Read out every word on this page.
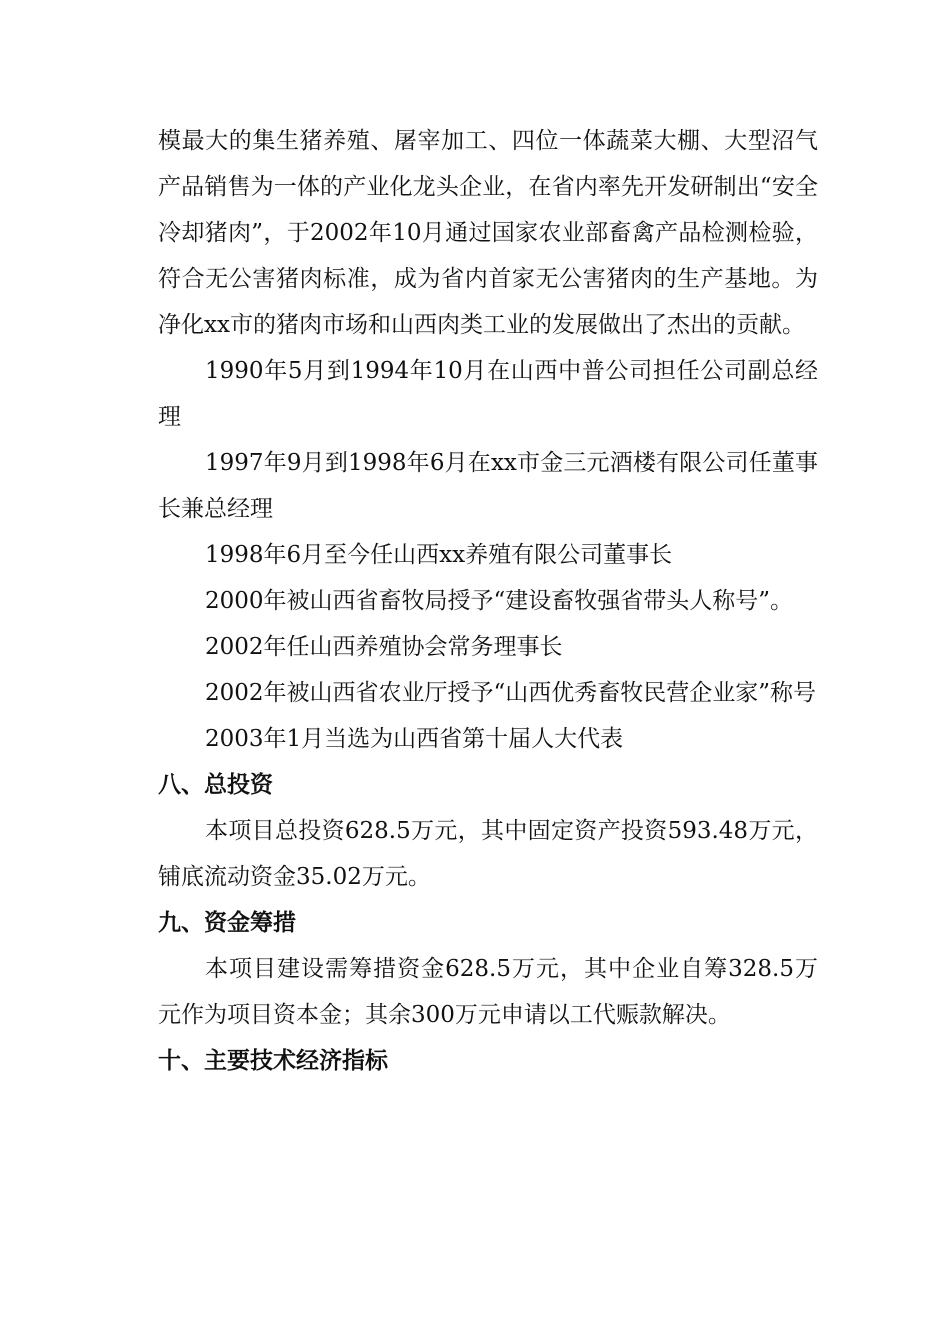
模最大的集生猪养殖、屠宰加工、四位一体蔬菜大棚、大型沼气产品销售为一体的产业化龙头企业，在省内率先开发研制出“安全冷却猪肉”，于2002年10月通过国家农业部畜禽产品检测检验，符合无公害猪肉标准，成为省内首家无公害猪肉的生产基地。为净化xx市的猪肉市场和山西肉类工业的发展做出了杰出的贡献。

1990年5月到1994年10月在山西中普公司担任公司副总经理

1997年9月到1998年6月在xx市金三元酒楼有限公司任董事长兼总经理

1998年6月至今任山西xx养殖有限公司董事长

2000年被山西省畜牧局授予“建设畜牧强省带头人称号”。

2002年任山西养殖协会常务理事长

2002年被山西省农业厅授予“山西优秀畜牧民营企业家”称号

2003年1月当选为山西省第十届人大代表

八、总投资

本项目总投资628.5万元，其中固定资产投资593.48万元，铺底流动资金35.02万元。

九、资金筹措

本项目建设需筹措资金628.5万元，其中企业自筹328.5万元作为项目资本金；其余300万元申请以工代赈款解决。

十、主要技术经济指标
